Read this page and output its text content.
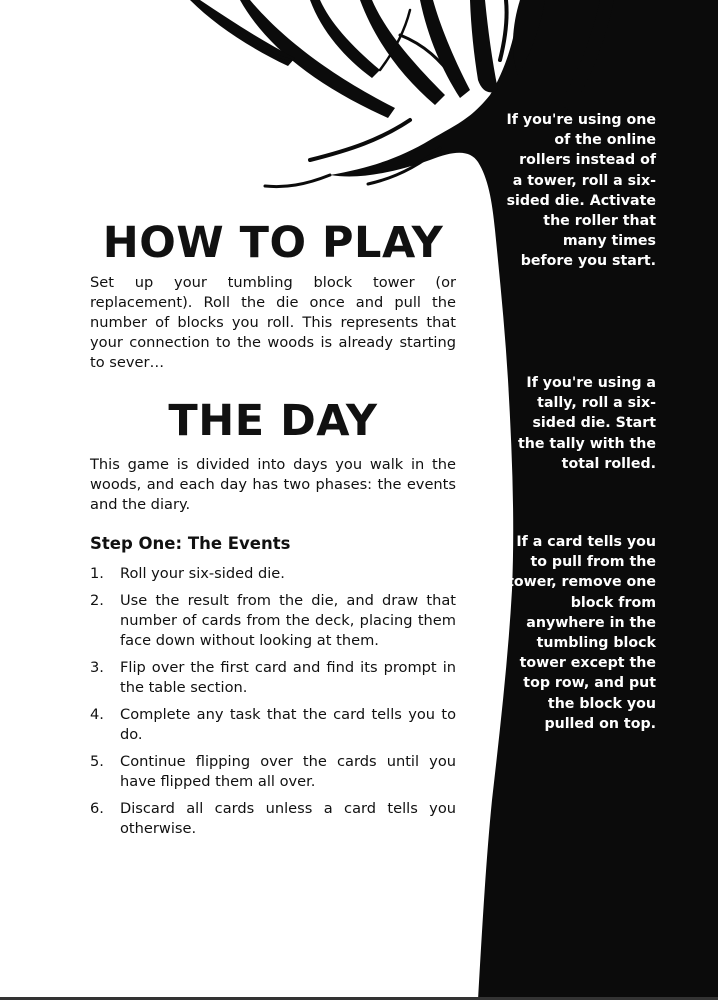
HOW TO PLAY

Set up your tumbling block tower (or replacement). Roll the die once and pull the number of blocks you roll. This represents that your connection to the woods is already starting to sever…

THE DAY

This game is divided into days you walk in the woods, and each day has two phases: the events and the diary.

Step One: The Events
1. Roll your six-sided die.
2. Use the result from the die, and draw that number of cards from the deck, placing them face down without looking at them.
3. Flip over the first card and find its prompt in the table section.
4. Complete any task that the card tells you to do.
5. Continue flipping over the cards until you have flipped them all over.
6. Discard all cards unless a card tells you otherwise.

If you're using one of the online rollers instead of a tower, roll a six-sided die. Activate the roller that many times before you start.

If you're using a tally, roll a six-sided die. Start the tally with the total rolled.

If a card tells you to pull from the tower, remove one block from anywhere in the tumbling block tower except the top row, and put the block you pulled on top.
